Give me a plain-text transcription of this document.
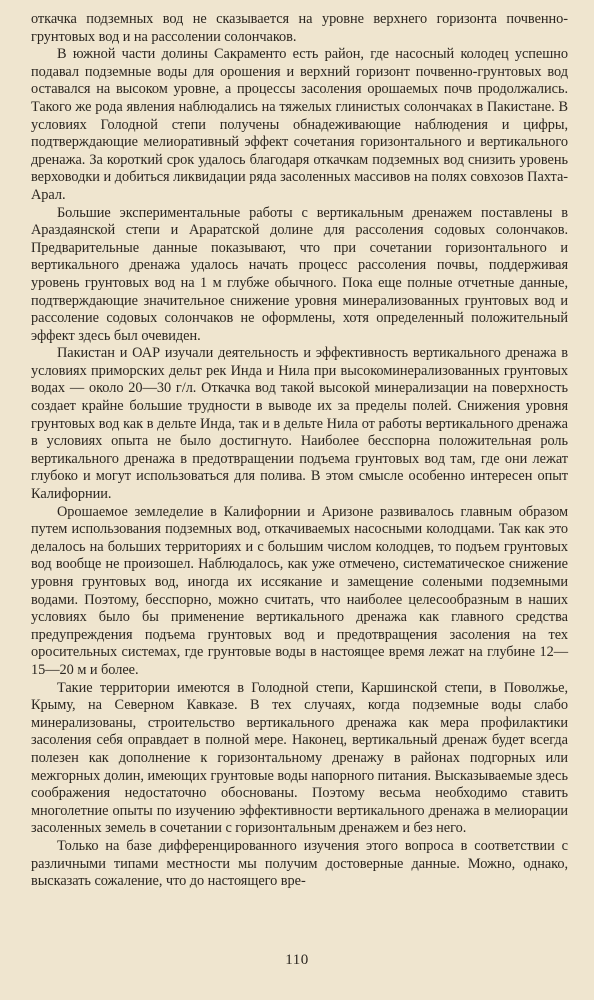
откачка подземных вод не сказывается на уровне верхнего горизонта почвенно-грунтовых вод и на рассолении солончаков.

В южной части долины Сакраменто есть район, где насосный колодец успешно подавал подземные воды для орошения и верхний горизонт почвенно-грунтовых вод оставался на высоком уровне, а процессы засоления орошаемых почв продолжались. Такого же рода явления наблюдались на тяжелых глинистых солончаках в Пакистане. В условиях Голодной степи получены обнадеживающие наблюдения и цифры, подтверждающие мелиоративный эффект сочетания горизонтального и вертикального дренажа. За короткий срок удалось благодаря откачкам подземных вод снизить уровень верховодки и добиться ликвидации ряда засоленных массивов на полях совхозов Пахта-Арал.

Большие экспериментальные работы с вертикальным дренажем поставлены в Араздаянской степи и Араратской долине для рассоления содовых солончаков. Предварительные данные показывают, что при сочетании горизонтального и вертикального дренажа удалось начать процесс рассоления почвы, поддерживая уровень грунтовых вод на 1 м глубже обычного. Пока еще полные отчетные данные, подтверждающие значительное снижение уровня минерализованных грунтовых вод и рассоление содовых солончаков не оформлены, хотя определенный положительный эффект здесь был очевиден.

Пакистан и ОАР изучали деятельность и эффективность вертикального дренажа в условиях приморских дельт рек Инда и Нила при высокоминерализованных грунтовых водах — около 20—30 г/л. Откачка вод такой высокой минерализации на поверхность создает крайне большие трудности в выводе их за пределы полей. Снижения уровня грунтовых вод как в дельте Инда, так и в дельте Нила от работы вертикального дренажа в условиях опыта не было достигнуто. Наиболее бесспорна положительная роль вертикального дренажа в предотвращении подъема грунтовых вод там, где они лежат глубоко и могут использоваться для полива. В этом смысле особенно интересен опыт Калифорнии.

Орошаемое земледелие в Калифорнии и Аризоне развивалось главным образом путем использования подземных вод, откачиваемых насосными колодцами. Так как это делалось на больших территориях и с большим числом колодцев, то подъем грунтовых вод вообще не произошел. Наблюдалось, как уже отмечено, систематическое снижение уровня грунтовых вод, иногда их иссякание и замещение солеными подземными водами. Поэтому, бесспорно, можно считать, что наиболее целесообразным в наших условиях было бы применение вертикального дренажа как главного средства предупреждения подъема грунтовых вод и предотвращения засоления на тех оросительных системах, где грунтовые воды в настоящее время лежат на глубине 12—15—20 м и более.

Такие территории имеются в Голодной степи, Каршинской степи, в Поволжье, Крыму, на Северном Кавказе. В тех случаях, когда подземные воды слабо минерализованы, строительство вертикального дренажа как мера профилактики засоления себя оправдает в полной мере. Наконец, вертикальный дренаж будет всегда полезен как дополнение к горизонтальному дренажу в районах подгорных или межгорных долин, имеющих грунтовые воды напорного питания. Высказываемые здесь соображения недостаточно обоснованы. Поэтому весьма необходимо ставить многолетние опыты по изучению эффективности вертикального дренажа в мелиорации засоленных земель в сочетании с горизонтальным дренажем и без него.

Только на базе дифференцированного изучения этого вопроса в соответствии с различными типами местности мы получим достоверные данные. Можно, однако, высказать сожаление, что до настоящего вре-

110
